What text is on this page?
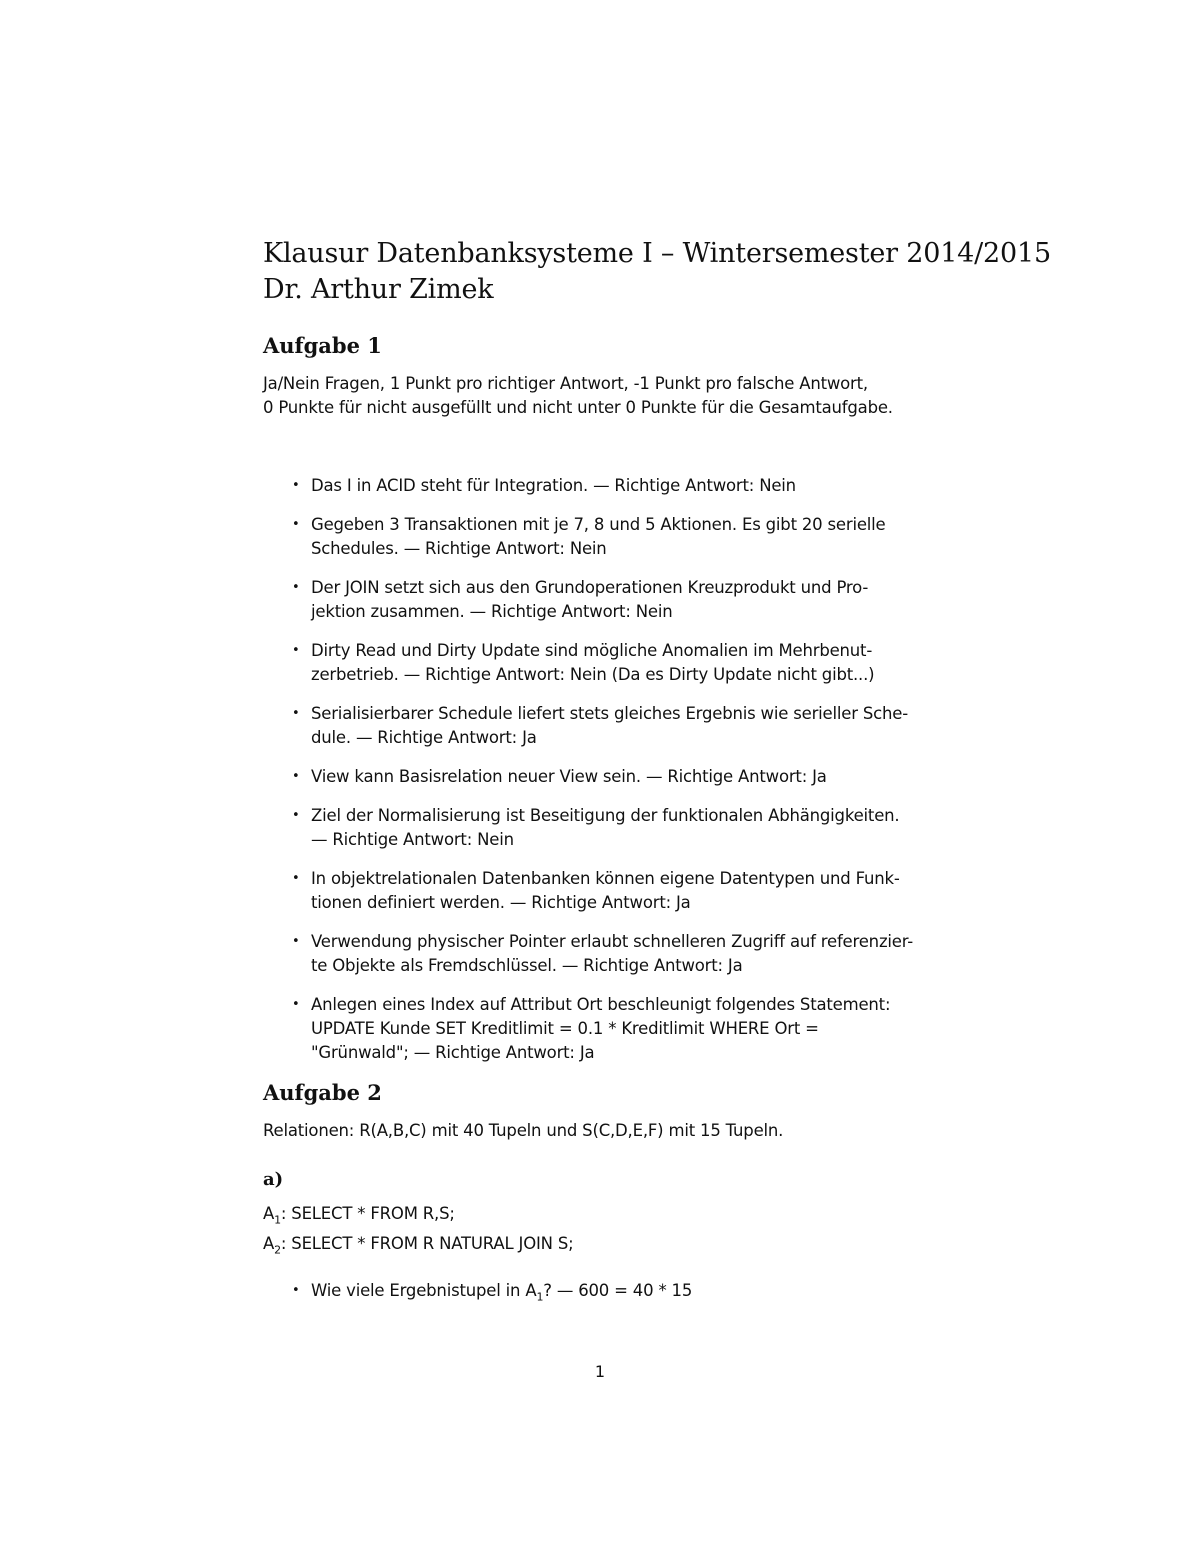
Klausur Datenbanksysteme I – Wintersemester 2014/2015
Dr. Arthur Zimek
Aufgabe 1
Ja/Nein Fragen, 1 Punkt pro richtiger Antwort, -1 Punkt pro falsche Antwort,
0 Punkte für nicht ausgefüllt und nicht unter 0 Punkte für die Gesamtaufgabe.
• Das I in ACID steht für Integration. — Richtige Antwort: Nein
• Gegeben 3 Transaktionen mit je 7, 8 und 5 Aktionen. Es gibt 20 serielle
Schedules. — Richtige Antwort: Nein
• Der JOIN setzt sich aus den Grundoperationen Kreuzprodukt und Pro-
jektion zusammen. — Richtige Antwort: Nein
• Dirty Read und Dirty Update sind mögliche Anomalien im Mehrbenut-
zerbetrieb. — Richtige Antwort: Nein (Da es Dirty Update nicht gibt...)
• Serialisierbarer Schedule liefert stets gleiches Ergebnis wie serieller Sche-
dule. — Richtige Antwort: Ja
• View kann Basisrelation neuer View sein. — Richtige Antwort: Ja
• Ziel der Normalisierung ist Beseitigung der funktionalen Abhängigkeiten.
— Richtige Antwort: Nein
• In objektrelationalen Datenbanken können eigene Datentypen und Funk-
tionen definiert werden. — Richtige Antwort: Ja
• Verwendung physischer Pointer erlaubt schnelleren Zugriff auf referenzier-
te Objekte als Fremdschlüssel. — Richtige Antwort: Ja
• Anlegen eines Index auf Attribut Ort beschleunigt folgendes Statement:
UPDATE Kunde SET Kreditlimit = 0.1 * Kreditlimit WHERE Ort =
"Grünwald"; — Richtige Antwort: Ja
Aufgabe 2
Relationen: R(A,B,C) mit 40 Tupeln und S(C,D,E,F) mit 15 Tupeln.
a)
$A_1$: SELECT * FROM R,S;
$A_2$: SELECT * FROM R NATURAL JOIN S;
• Wie viele Ergebnistupel in $A_1$? — 600 = 40 * 15
1
